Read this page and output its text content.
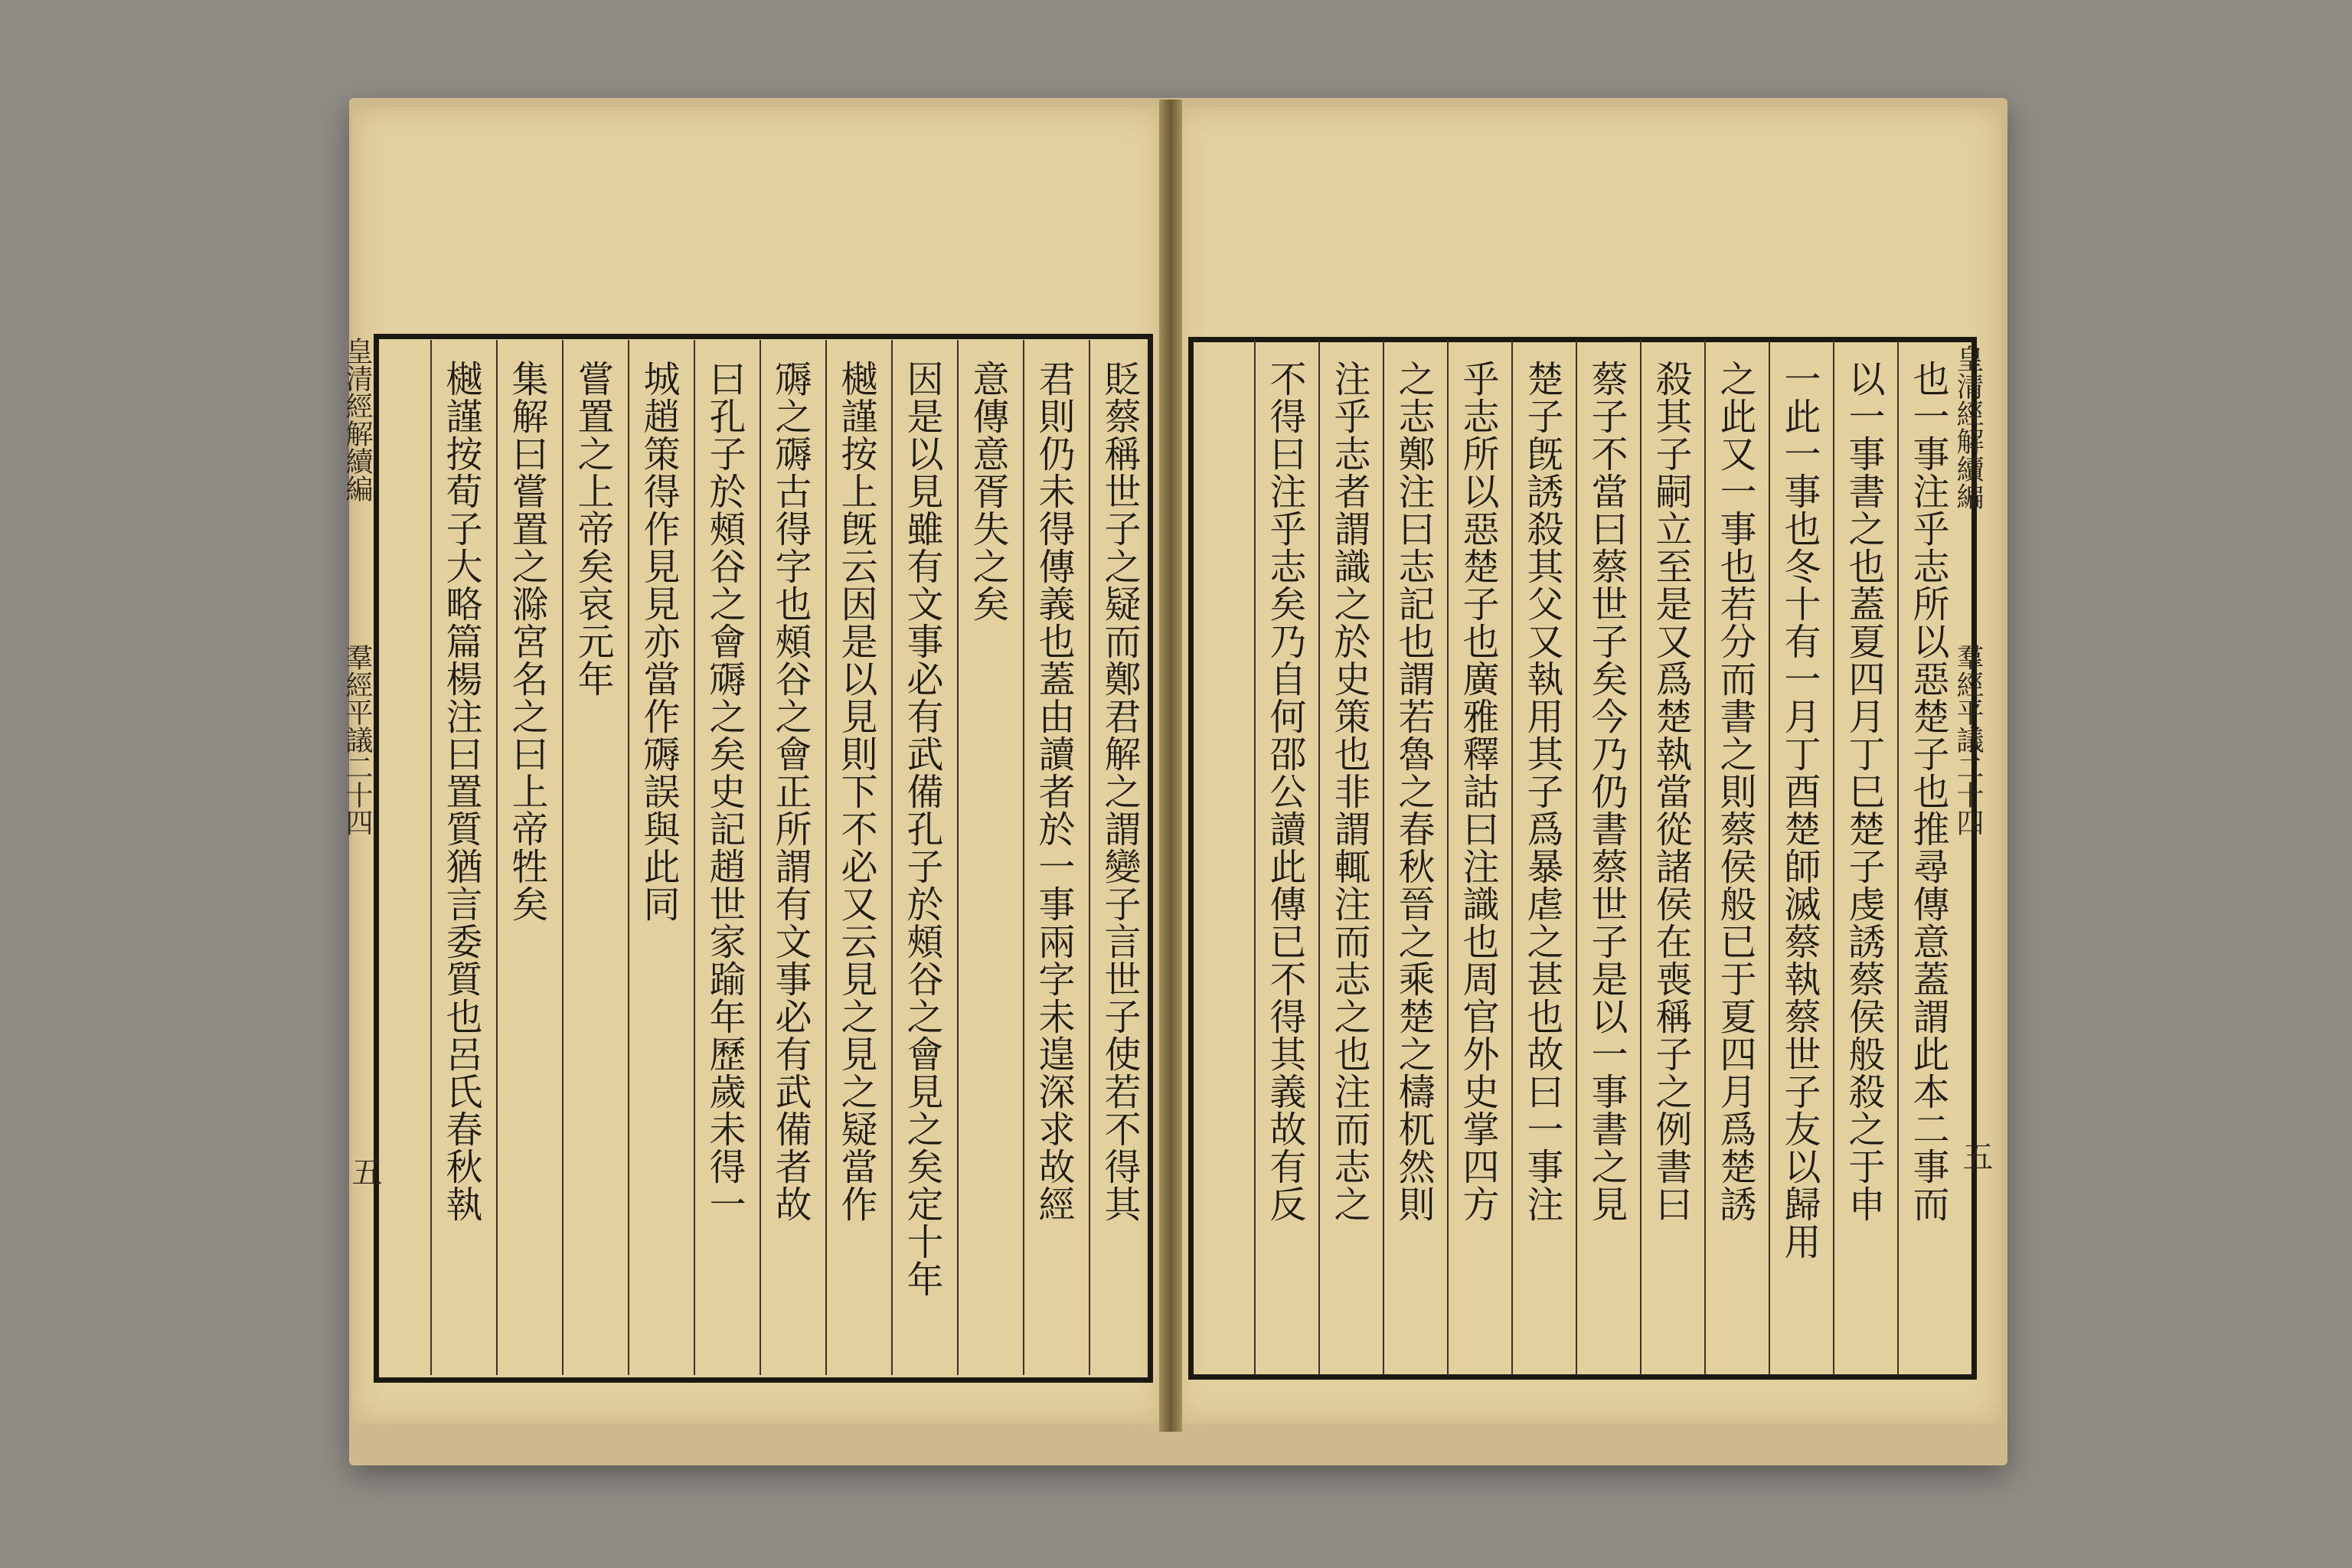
皇清經解續編
羣經平議二十四
五	貶蔡稱世子之疑而鄭君解之謂變子言世子使若不得其
君則仍未得傳義也蓋由讀者於一事兩字未遑深求故經
意傳意胥失之矣
因是以見雖有文事必有武備孔子於頰谷之會見之矣定十年
樾謹按上旣云因是以見則下不必又云見之見之疑當作
䢆之䢆古得字也頰谷之會正所謂有文事必有武備者故
曰孔子於頰谷之會䢆之矣史記趙世家踰年歷歲未得一
城趙策得作見見亦當作䢆誤與此同
嘗置之上帝矣哀元年
集解曰嘗置之滁宮名之曰上帝牲矣
樾謹按荀子大略篇楊注曰置質猶言委質也呂氏春秋執	皇清經解續編
羣經平議二十四
五
也一事注乎志所以惡楚子也推尋傳意蓋謂此本二事而
以一事書之也蓋夏四月丁巳楚子虔誘蔡侯般殺之于申
一此一事也冬十有一月丁酉楚師滅蔡執蔡世子友以歸用
之此又一事也若分而書之則蔡侯般已于夏四月爲楚誘
殺其子嗣立至是又爲楚執當從諸侯在喪稱子之例書曰
蔡子不當曰蔡世子矣今乃仍書蔡世子是以一事書之見
楚子旣誘殺其父又執用其子爲暴虐之甚也故曰一事注
乎志所以惡楚子也廣雅釋詁曰注識也周官外史掌四方
之志鄭注曰志記也謂若魯之春秋晉之乘楚之檮杌然則
注乎志者謂識之於史策也非謂輒注而志之也注而志之
不得曰注乎志矣乃自何邵公讀此傳已不得其義故有反
